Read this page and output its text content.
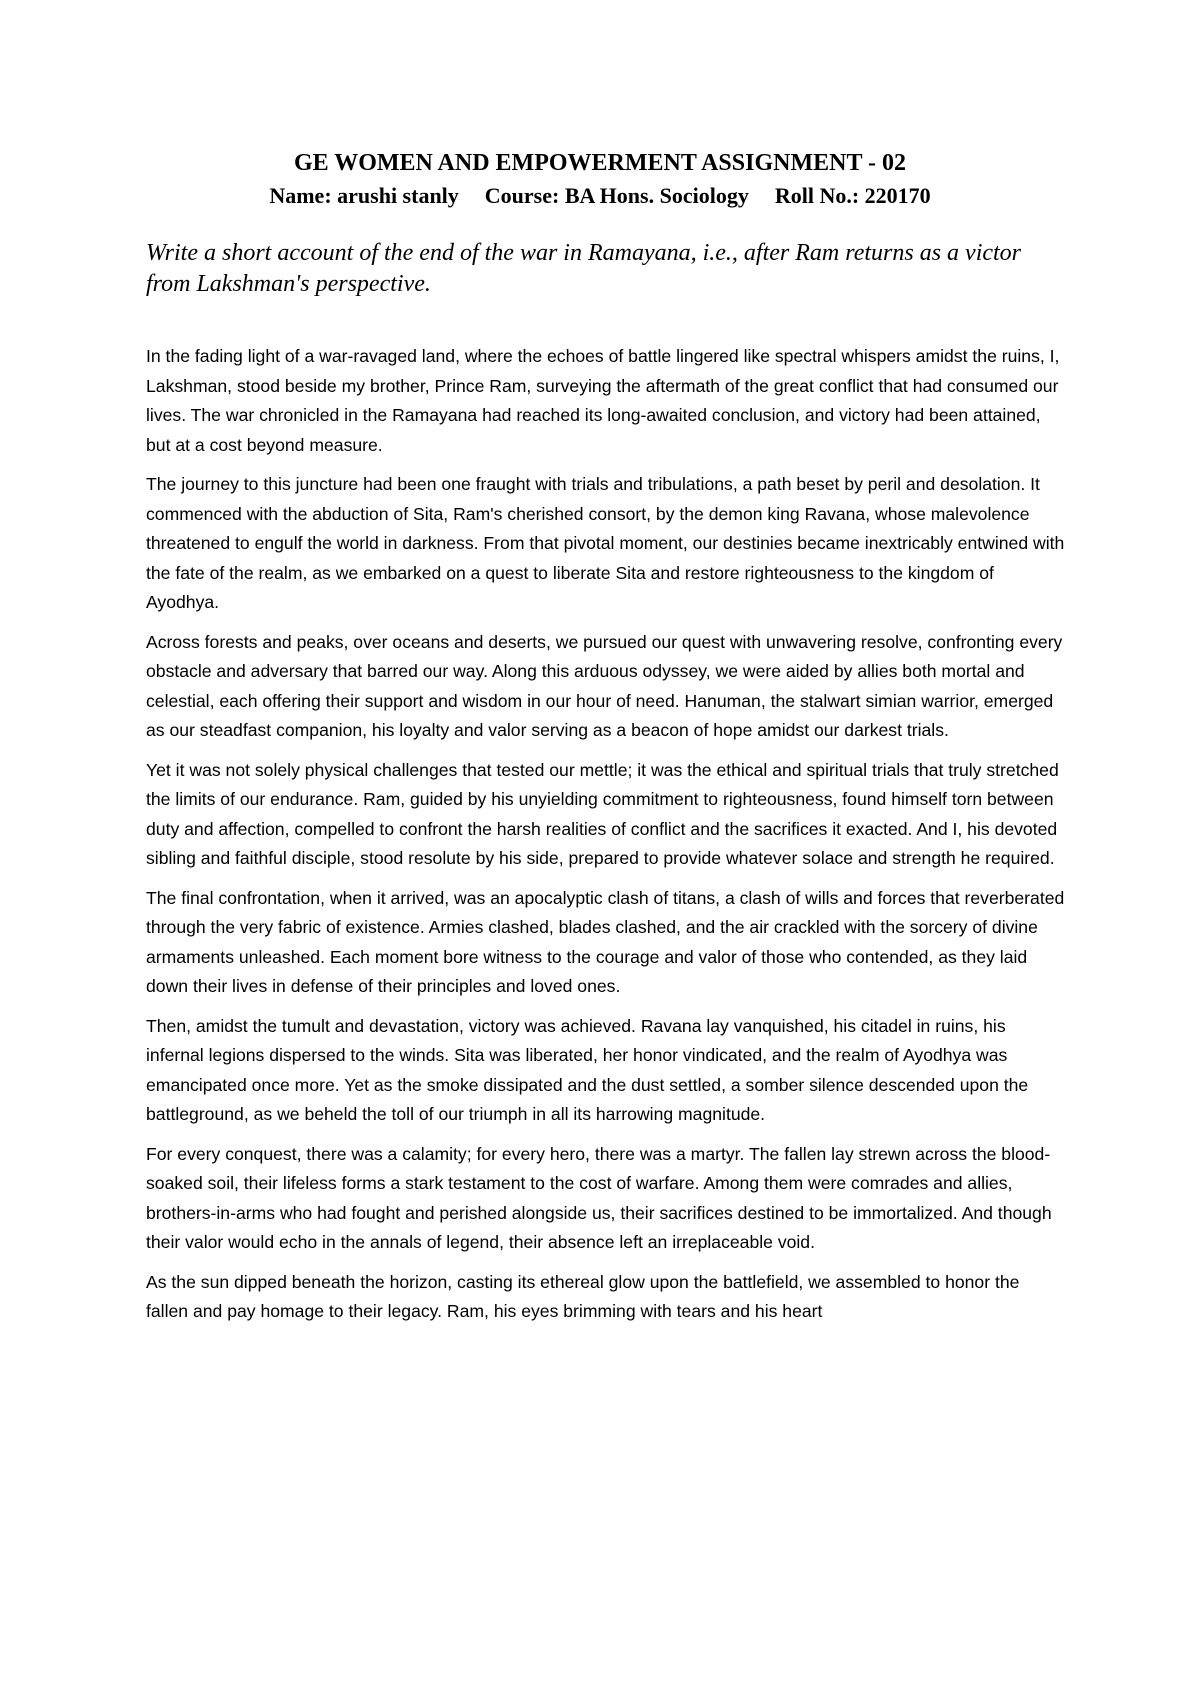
GE WOMEN AND EMPOWERMENT ASSIGNMENT - 02
Name: arushi stanly Course: BA Hons. Sociology Roll No.: 220170
Write a short account of the end of the war in Ramayana, i.e., after Ram returns as a victor from Lakshman's perspective.

In the fading light of a war-ravaged land, where the echoes of battle lingered like spectral whispers amidst the ruins, I, Lakshman, stood beside my brother, Prince Ram, surveying the aftermath of the great conflict that had consumed our lives. The war chronicled in the Ramayana had reached its long-awaited conclusion, and victory had been attained, but at a cost beyond measure.

The journey to this juncture had been one fraught with trials and tribulations, a path beset by peril and desolation. It commenced with the abduction of Sita, Ram's cherished consort, by the demon king Ravana, whose malevolence threatened to engulf the world in darkness. From that pivotal moment, our destinies became inextricably entwined with the fate of the realm, as we embarked on a quest to liberate Sita and restore righteousness to the kingdom of Ayodhya.

Across forests and peaks, over oceans and deserts, we pursued our quest with unwavering resolve, confronting every obstacle and adversary that barred our way. Along this arduous odyssey, we were aided by allies both mortal and celestial, each offering their support and wisdom in our hour of need. Hanuman, the stalwart simian warrior, emerged as our steadfast companion, his loyalty and valor serving as a beacon of hope amidst our darkest trials.

Yet it was not solely physical challenges that tested our mettle; it was the ethical and spiritual trials that truly stretched the limits of our endurance. Ram, guided by his unyielding commitment to righteousness, found himself torn between duty and affection, compelled to confront the harsh realities of conflict and the sacrifices it exacted. And I, his devoted sibling and faithful disciple, stood resolute by his side, prepared to provide whatever solace and strength he required.

The final confrontation, when it arrived, was an apocalyptic clash of titans, a clash of wills and forces that reverberated through the very fabric of existence. Armies clashed, blades clashed, and the air crackled with the sorcery of divine armaments unleashed. Each moment bore witness to the courage and valor of those who contended, as they laid down their lives in defense of their principles and loved ones.

Then, amidst the tumult and devastation, victory was achieved. Ravana lay vanquished, his citadel in ruins, his infernal legions dispersed to the winds. Sita was liberated, her honor vindicated, and the realm of Ayodhya was emancipated once more. Yet as the smoke dissipated and the dust settled, a somber silence descended upon the battleground, as we beheld the toll of our triumph in all its harrowing magnitude.

For every conquest, there was a calamity; for every hero, there was a martyr. The fallen lay strewn across the blood-soaked soil, their lifeless forms a stark testament to the cost of warfare. Among them were comrades and allies, brothers-in-arms who had fought and perished alongside us, their sacrifices destined to be immortalized. And though their valor would echo in the annals of legend, their absence left an irreplaceable void.

As the sun dipped beneath the horizon, casting its ethereal glow upon the battlefield, we assembled to honor the fallen and pay homage to their legacy. Ram, his eyes brimming with tears and his heart
